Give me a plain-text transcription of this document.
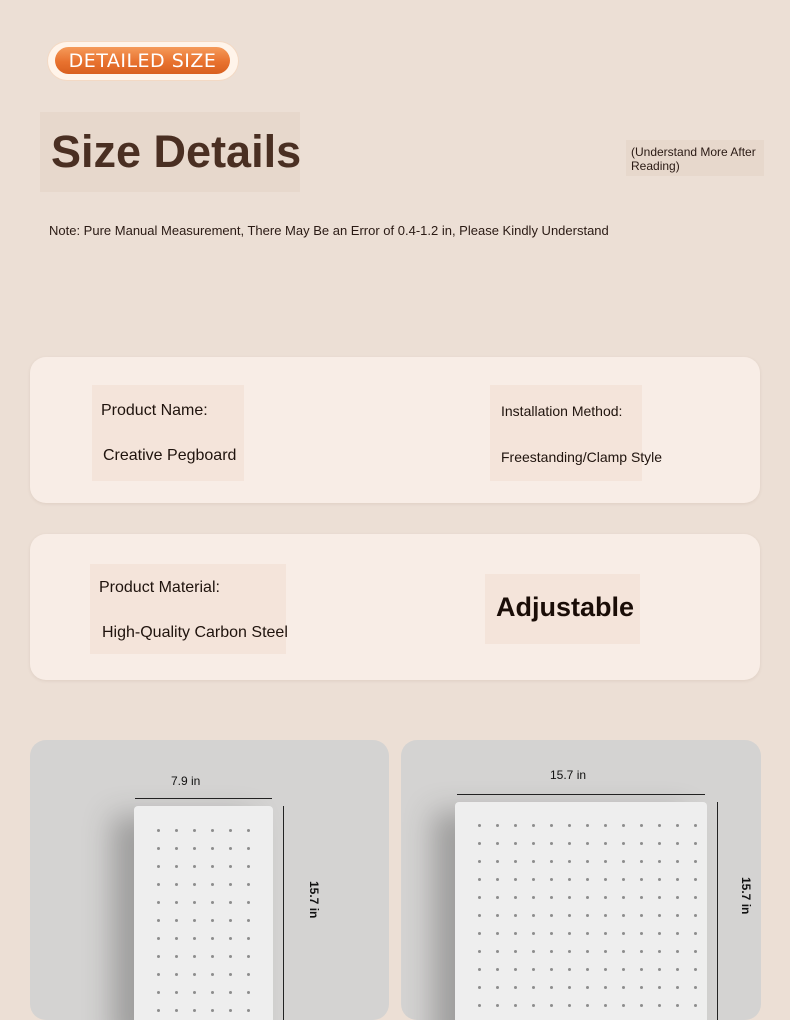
DETAILED SIZE
Size Details	(Understand More After Reading)
Note: Pure Manual Measurement, There May Be an Error of 0.4-1.2 in, Please Kindly Understand
Product Name:
Creative Pegboard
Installation Method:
Freestanding/Clamp Style
Product Material:
High-Quality Carbon Steel
Adjustable
7.9 in
15.7 in
15.7 in
15.7 in
